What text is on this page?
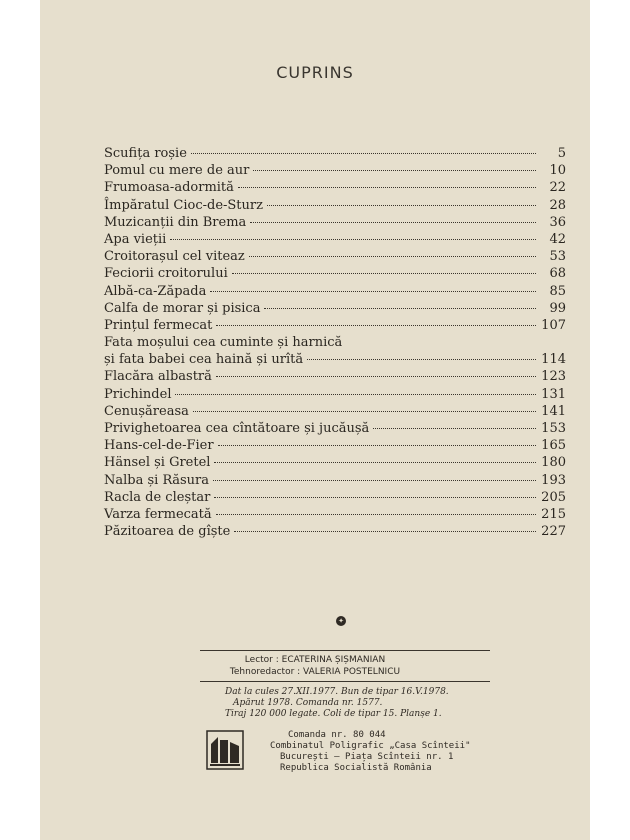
CUPRINS
Scufița roșie	5
Pomul cu mere de aur	10
Frumoasa-adormită	22
Împăratul Cioc-de-Sturz	28
Muzicanții din Brema	36
Apa vieții	42
Croitorașul cel viteaz	53
Feciorii croitorului	68
Albă-ca-Zăpada	85
Calfa de morar și pisica	99
Prințul fermecat	107
Fata moșului cea cuminte și harnică
și fata babei cea haină și urîtă	114
Flacăra albastră	123
Prichindel	131
Cenușăreasa	141
Privighetoarea cea cîntătoare și jucăușă	153
Hans-cel-de-Fier	165
Hänsel și Gretel	180
Nalba și Răsura	193
Racla de cleștar	205
Varza fermecată	215
Păzitoarea de gîște	227
✦
Lector : ECATERINA ȘIȘMANIAN
Tehnoredactor : VALERIA POSTELNICU
Dat la cules 27.XII.1977. Bun de tipar 16.V.1978.
Apărut 1978. Comanda nr. 1577.
Tiraj 120 000 legate. Coli de tipar 15. Planșe 1.
Comanda nr. 80 044
Combinatul Poligrafic „Casa Scînteii"
București — Piața Scînteii nr. 1
Republica Socialistă România
